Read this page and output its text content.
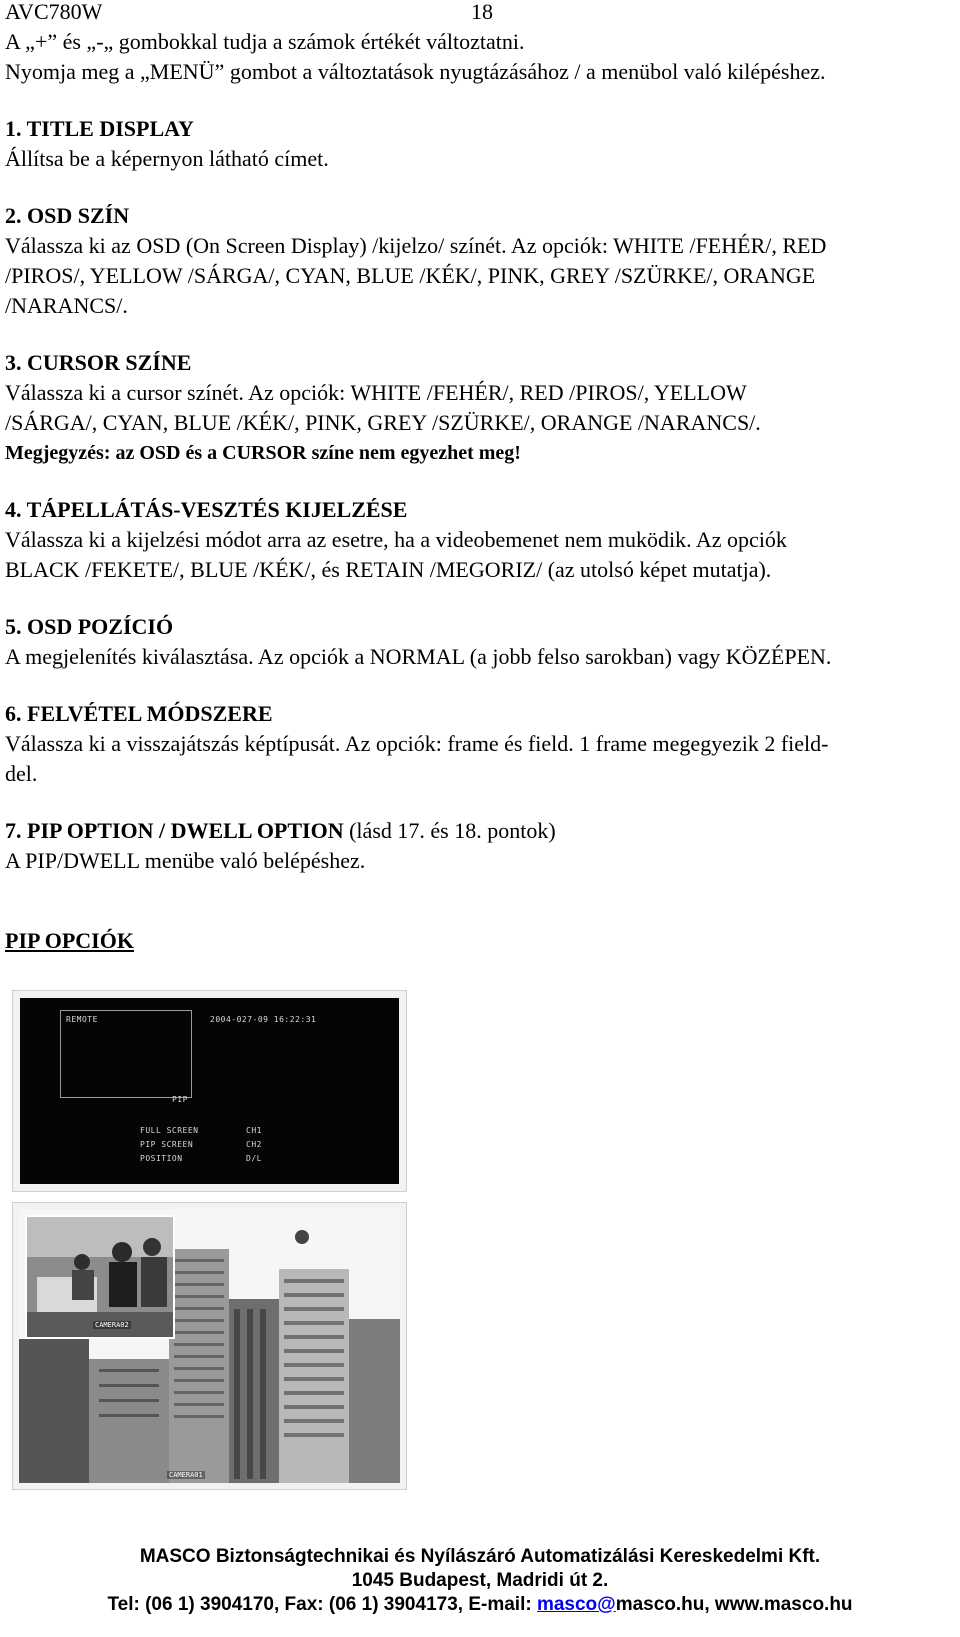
AVC780W	18

A „+” és „-„ gombokkal tudja a számok értékét változtatni.

Nyomja meg a „MENÜ” gombot a változtatások nyugtázásához / a menübol való kilépéshez.

1. TITLE DISPLAY

Állítsa be a képernyon látható címet.

2. OSD SZÍN

Válassza ki az OSD (On Screen Display) /kijelzo/ színét. Az opciók: WHITE /FEHÉR/, RED

/PIROS/, YELLOW /SÁRGA/, CYAN, BLUE /KÉK/, PINK, GREY /SZÜRKE/, ORANGE

/NARANCS/.

3. CURSOR SZÍNE

Válassza ki a cursor színét. Az opciók: WHITE /FEHÉR/, RED /PIROS/, YELLOW

/SÁRGA/, CYAN, BLUE /KÉK/, PINK, GREY /SZÜRKE/, ORANGE /NARANCS/.

Megjegyzés: az OSD és a CURSOR színe nem egyezhet meg!

4. TÁPELLÁTÁS-VESZTÉS KIJELZÉSE

Válassza ki a kijelzési módot arra az esetre, ha a videobemenet nem muködik. Az opciók

BLACK /FEKETE/, BLUE /KÉK/, és RETAIN /MEGORIZ/ (az utolsó képet mutatja).

5. OSD POZÍCIÓ

A megjelenítés kiválasztása. Az opciók a NORMAL (a jobb felso sarokban) vagy KÖZÉPEN.

6. FELVÉTEL MÓDSZERE

Válassza ki a visszajátszás képtípusát. Az opciók: frame és field. 1 frame megegyezik 2 field-

del.

7. PIP OPTION / DWELL OPTION (lásd 17. és 18. pontok)

A PIP/DWELL menübe való belépéshez.

PIP OPCIÓK
REMOTE	2004-027-09 16:22:31
PIP
FULL SCREEN	CH1
PIP SCREEN	CH2
POSITION	D/L
CAMERA02
CAMERA01
MASCO Biztonságtechnikai és Nyílászáró Automatizálási Kereskedelmi Kft.
1045 Budapest, Madridi út 2.
Tel: (06 1) 3904170, Fax: (06 1) 3904173, E-mail: masco@masco.hu, www.masco.hu
